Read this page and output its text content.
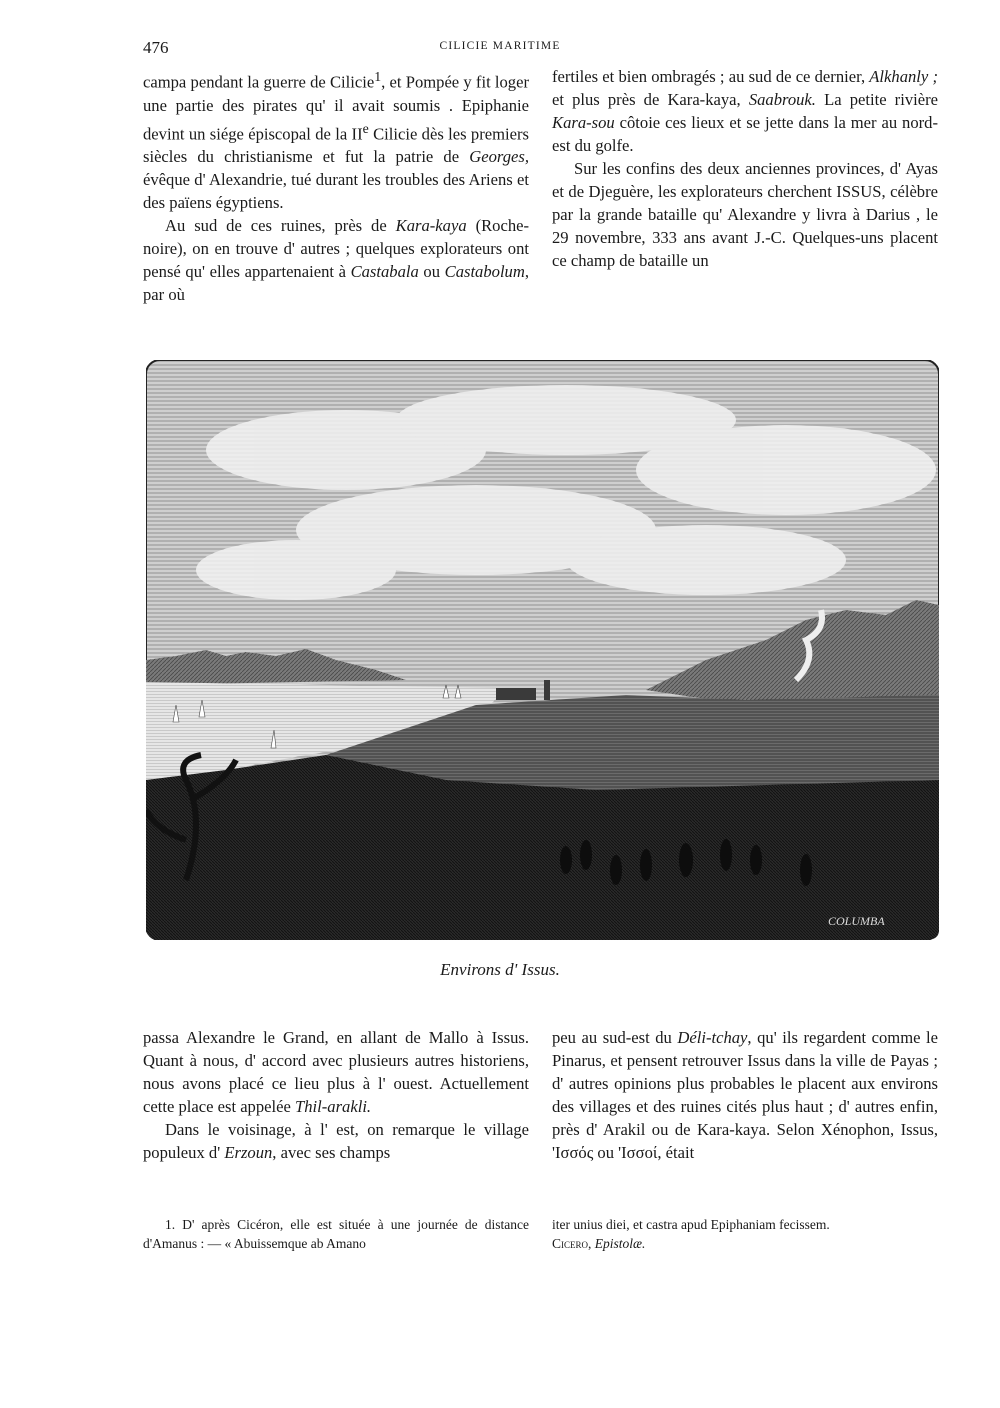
476	CILICIE MARITIME

campa pendant la guerre de Cilicie$^1$, et Pompée y fit loger une partie des pirates qu' il avait soumis . Epiphanie devint un siége épiscopal de la IIe Cilicie dès les premiers siècles du christianisme et fut la patrie de Georges, évêque d' Alexandrie, tué durant les troubles des Ariens et des païens égyptiens.

Au sud de ces ruines, près de Kara-kaya (Roche-noire), on en trouve d' autres ; quelques explorateurs ont pensé qu' elles appartenaient à Castabala ou Castabolum, par où

fertiles et bien ombragés ; au sud de ce dernier, Alkhanly ; et plus près de Kara-kaya, Saabrouk. La petite rivière Kara-sou côtoie ces lieux et se jette dans la mer au nord-est du golfe.

Sur les confins des deux anciennes provinces, d' Ayas et de Djeguère, les explorateurs cherchent ISSUS, célèbre par la grande bataille qu' Alexandre y livra à Darius , le 29 novembre, 333 ans avant J.-C. Quelques-uns placent ce champ de bataille un

COLUMBA
Environs d' Issus.

passa Alexandre le Grand, en allant de Mallo à Issus. Quant à nous, d' accord avec plusieurs autres historiens, nous avons placé ce lieu plus à l' ouest. Actuellement cette place est appelée Thil-arakli.

Dans le voisinage, à l' est, on remarque le village populeux d' Erzoun, avec ses champs

peu au sud-est du Déli-tchay, qu' ils regardent comme le Pinarus, et pensent retrouver Issus dans la ville de Payas ; d' autres opinions plus probables le placent aux environs des villages et des ruines cités plus haut ; d' autres enfin, près d' Arakil ou de Kara-kaya. Selon Xénophon, Issus, 'Ισσός ou 'Ισσοί, était

1. D' après Cicéron, elle est située à une journée de distance d'Amanus : — « Abuissemque ab Amano

iter unius diei, et castra apud Epiphaniam fecissem.
Cicero, Epistolæ.
